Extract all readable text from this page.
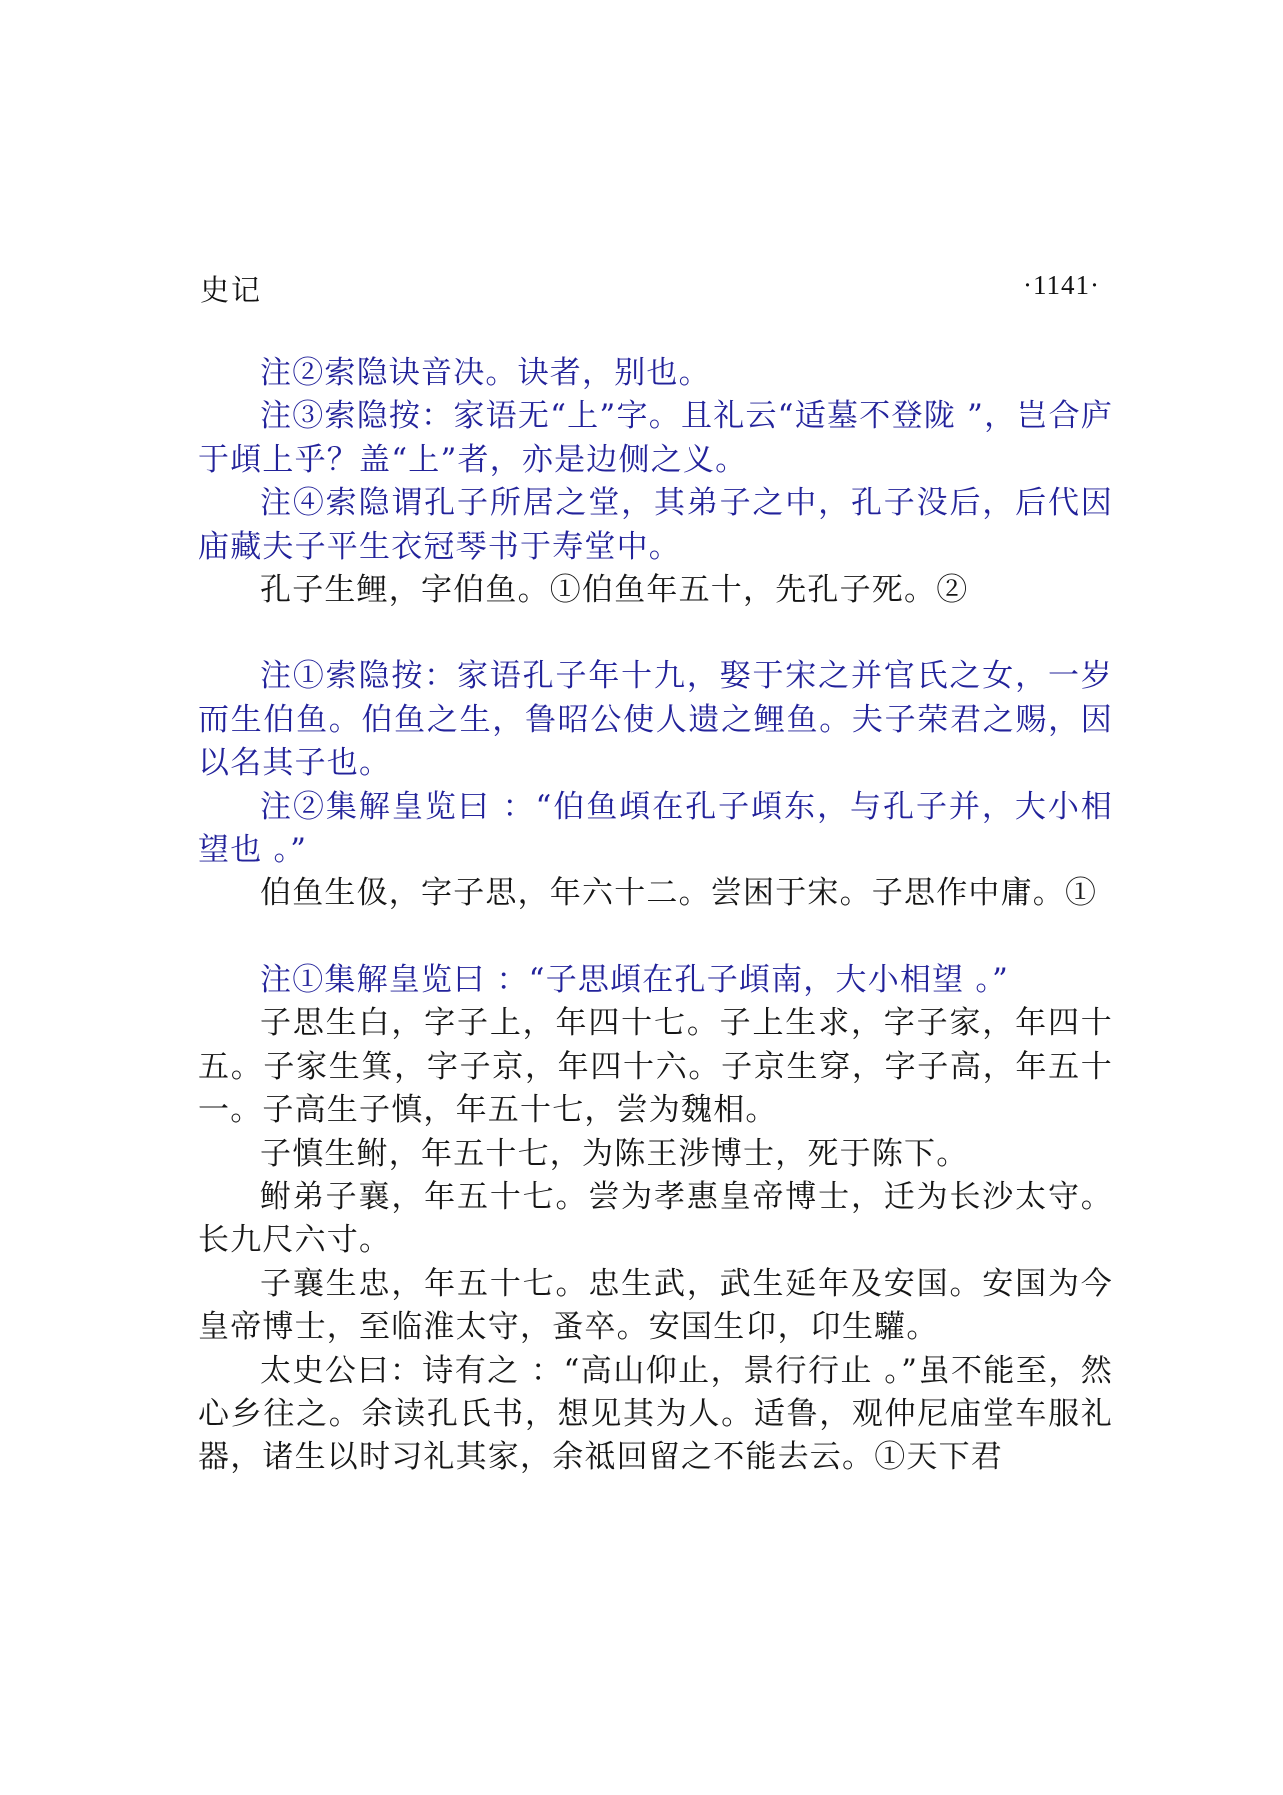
史记	·1141·

注②索隐诀音决。诀者，别也。

注③索隐按：家语无“上”字。且礼云“适墓不登陇 ”，岂合庐于頉上乎？盖“上”者，亦是边侧之义。

注④索隐谓孔子所居之堂，其弟子之中，孔子没后，后代因庙藏夫子平生衣冠琴书于寿堂中。

孔子生鲤，字伯鱼。①伯鱼年五十，先孔子死。②

注①索隐按：家语孔子年十九，娶于宋之并官氏之女，一岁而生伯鱼。伯鱼之生，鲁昭公使人遗之鲤鱼。夫子荣君之赐，因以名其子也。

注②集解皇览曰 ：“伯鱼頉在孔子頉东，与孔子并，大小相望也 。”

伯鱼生伋，字子思，年六十二。尝困于宋。子思作中庸。①

注①集解皇览曰 ：“子思頉在孔子頉南，大小相望 。”

子思生白，字子上，年四十七。子上生求，字子家，年四十五。子家生箕，字子京，年四十六。子京生穿，字子高，年五十一。子高生子慎，年五十七，尝为魏相。

子慎生鲋，年五十七，为陈王涉博士，死于陈下。

鲋弟子襄，年五十七。尝为孝惠皇帝博士，迁为长沙太守。长九尺六寸。

子襄生忠，年五十七。忠生武，武生延年及安国。安国为今皇帝博士，至临淮太守，蚤卒。安国生卬，卬生驩。

太史公曰：诗有之 ：“高山仰止，景行行止 。”虽不能至，然心乡往之。余读孔氏书，想见其为人。适鲁，观仲尼庙堂车服礼器，诸生以时习礼其家，余祗回留之不能去云。①天下君
